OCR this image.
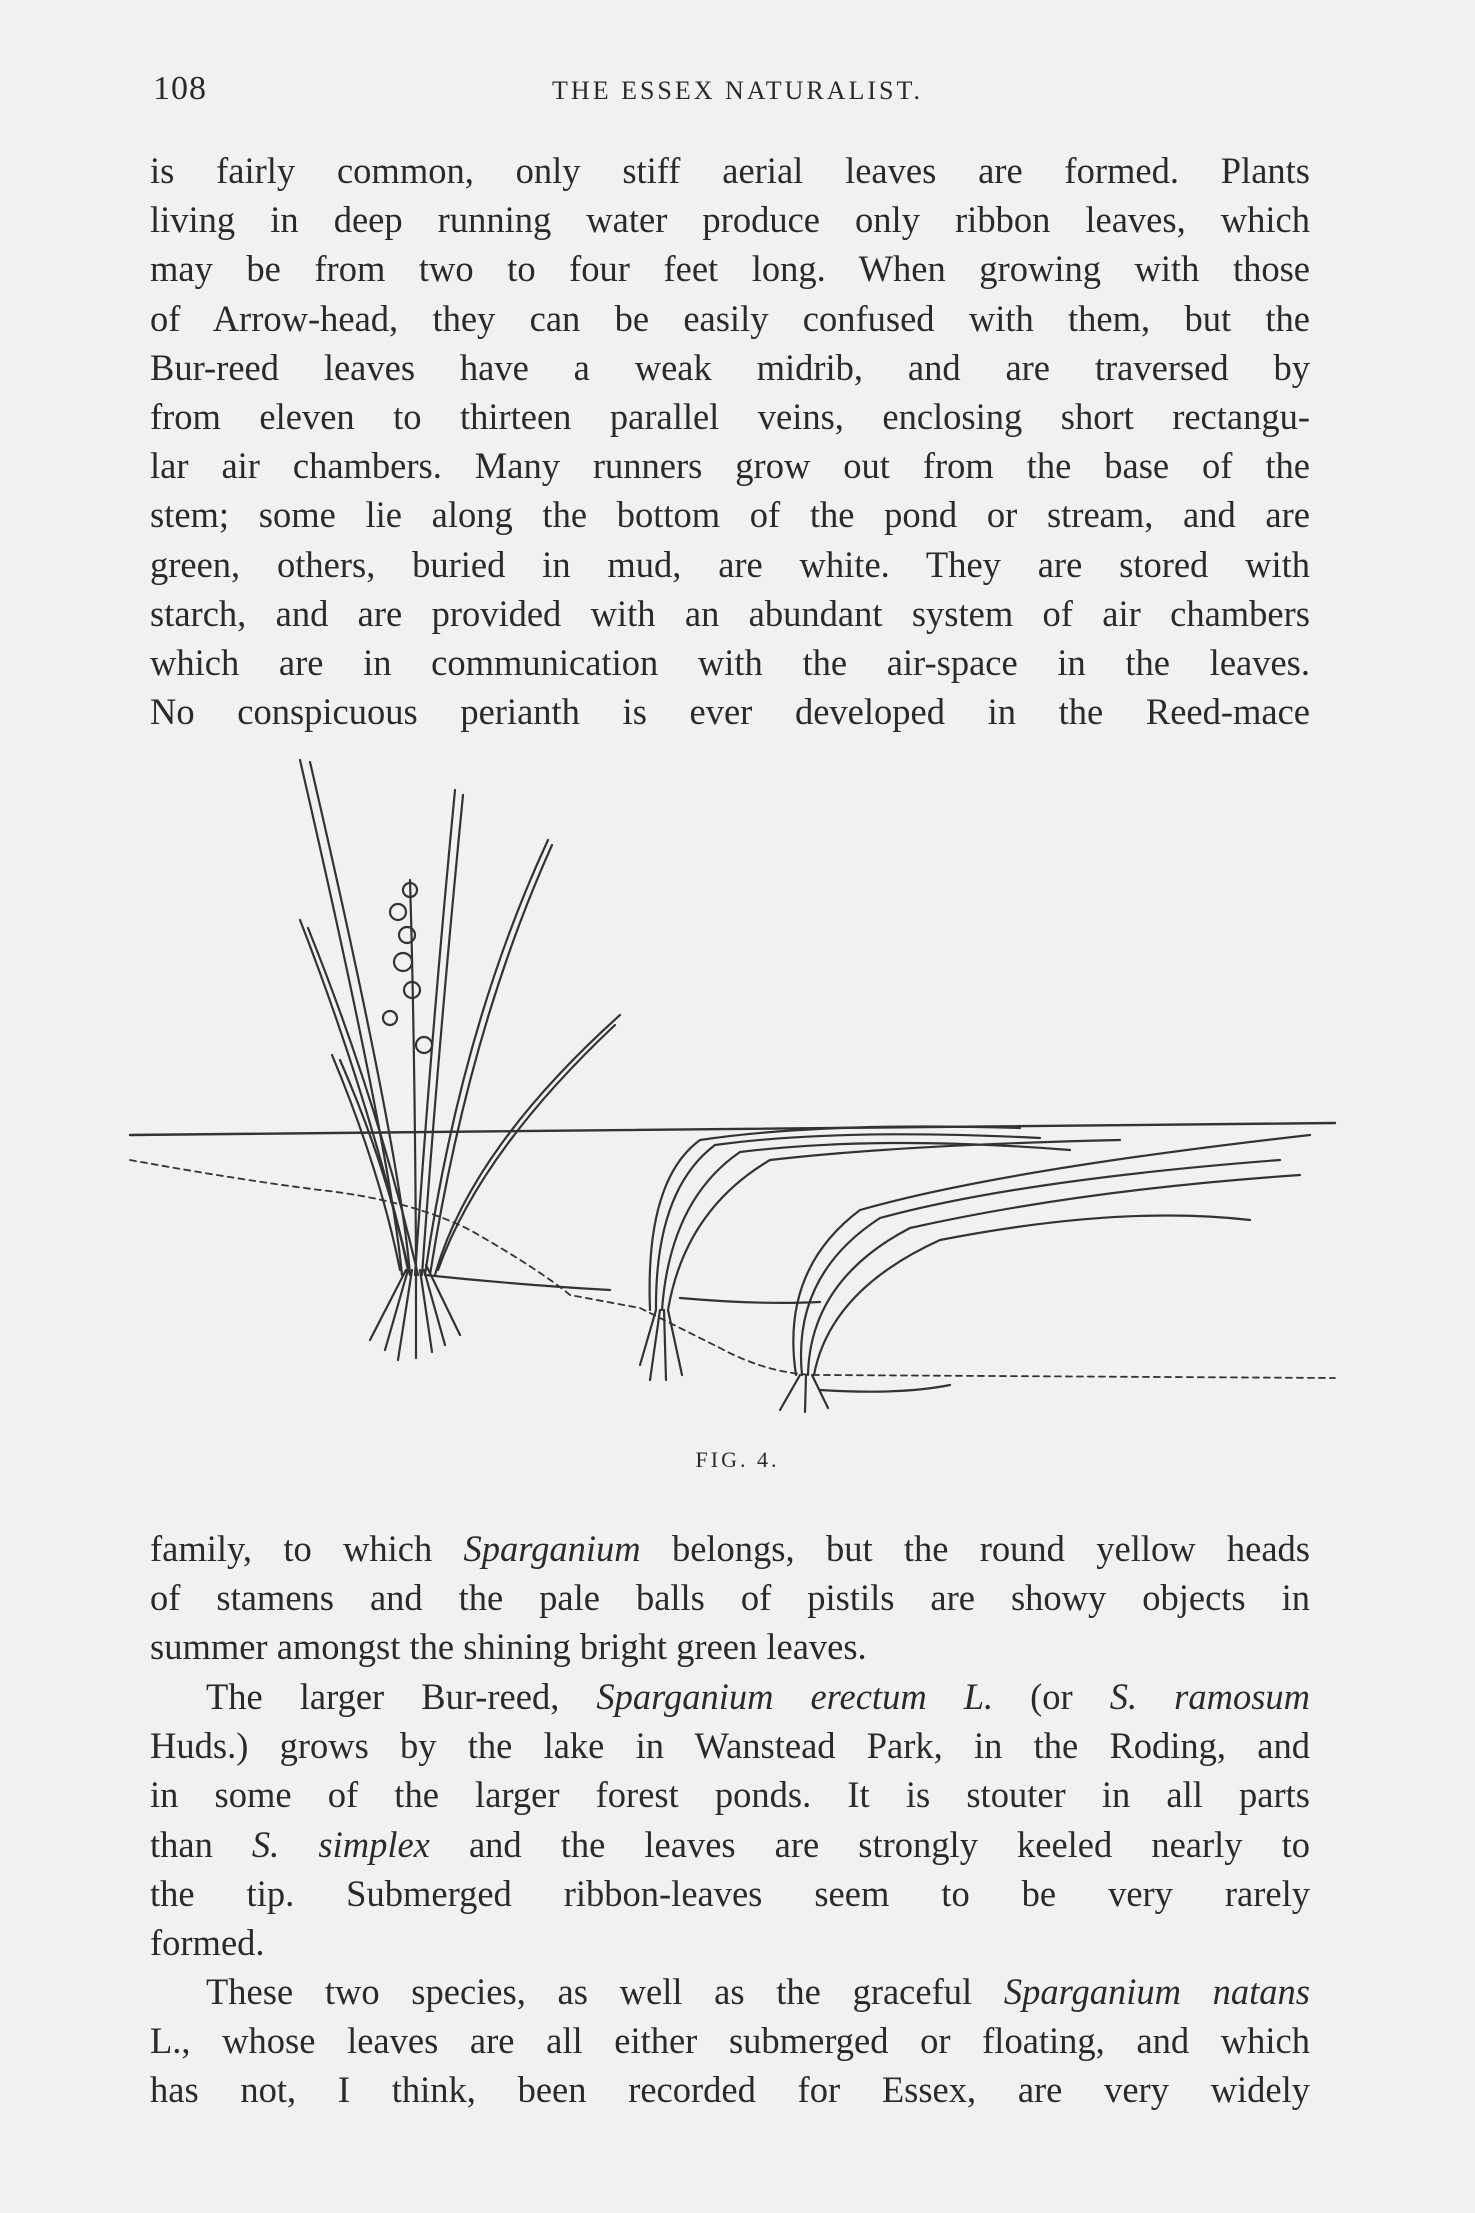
108	THE ESSEX NATURALIST.

is fairly common, only stiff aerial leaves are formed. Plants
living in deep running water produce only ribbon leaves, which
may be from two to four feet long. When growing with those
of Arrow-head, they can be easily confused with them, but the
Bur-reed leaves have a weak midrib, and are traversed by
from eleven to thirteen parallel veins, enclosing short rectangu-
lar air chambers. Many runners grow out from the base of the
stem; some lie along the bottom of the pond or stream, and are
green, others, buried in mud, are white. They are stored with
starch, and are provided with an abundant system of air chambers
which are in communication with the air-space in the leaves.
No conspicuous perianth is ever developed in the Reed-mace

FIG. 4.

family, to which Sparganium belongs, but the round yellow heads
of stamens and the pale balls of pistils are showy objects in
summer amongst the shining bright green leaves.

The larger Bur-reed, Sparganium erectum L. (or S. ramosum
Huds.) grows by the lake in Wanstead Park, in the Roding, and
in some of the larger forest ponds. It is stouter in all parts
than S. simplex and the leaves are strongly keeled nearly to
the tip. Submerged ribbon-leaves seem to be very rarely
formed.

These two species, as well as the graceful Sparganium natans
L., whose leaves are all either submerged or floating, and which
has not, I think, been recorded for Essex, are very widely
